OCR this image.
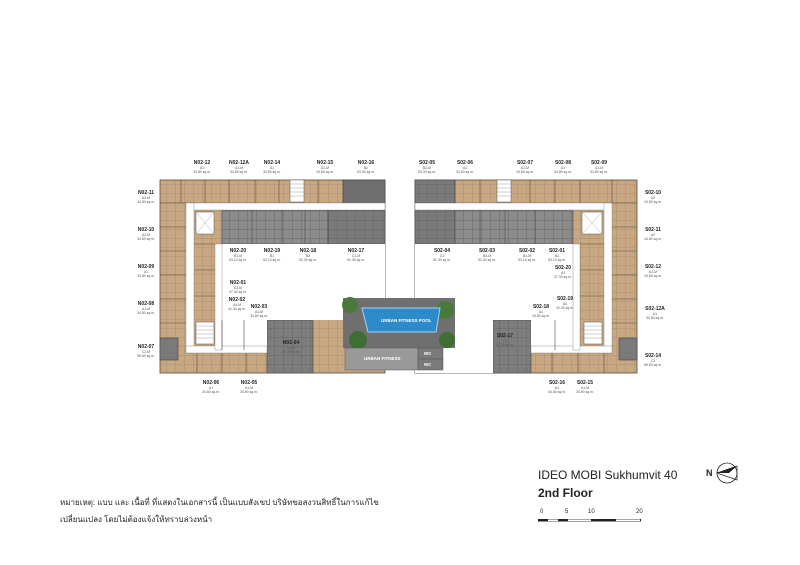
URBAN FITNESS POOL
URBAN FITNESS
WC
WC
N02-12
A1
34.80 sq.m.
N02-12A
A1-M
34.80 sq.m.
N02-14
A1
34.80 sq.m.
N02-15
A1-M
34.80 sq.m.
N02-16
B2
53.30 sq.m.
N02-11
A3-M
34.80 sq.m.
N02-10
A2-M
34.80 sq.m.
N02-09
A1
34.80 sq.m.
N02-08
A1-M
34.80 sq.m.
N02-07
C2-M
56.60 sq.m.
N02-20
B1-M
53.10 sq.m.
N02-19
B1
53.10 sq.m.
N02-18
B3
52.30 sq.m.
N02-17
C1-M
61.30 sq.m.
N02-01
A3-M
47.30 sq.m.
N02-02
A4-M
41.30 sq.m. N02-03
A1-M
34.80 sq.m.
N02-04
C1-M
67.30 sq.m.
N02-06
A1
34.80 sq.m.
N02-05
A1-M
34.80 sq.m.
S02-05
B2-M
53.30 sq.m.
S02-06
A1
34.80 sq.m.
S02-07
A1-M
34.80 sq.m.
S02-08
A1
34.80 sq.m.
S02-09
A1-M
34.80 sq.m.
S02-10
A3
34.80 sq.m.
S02-11
A2
34.80 sq.m.
S02-12
A1-M
34.80 sq.m.
S02-12A
A1
34.80 sq.m.
S02-14
C2
56.60 sq.m.
S02-04
C1
61.30 sq.m.
S02-03
B3-M
52.30 sq.m.
S02-02
B1-M
53.10 sq.m.
S02-01
B1
53.10 sq.m.
S02-20
A3
47.30 sq.m.
S02-19
A4
41.30 sq.m.
S02-18
A1
34.80 sq.m.
S02-17
C1
67.30 sq.m.
S02-16
A1
34.80 sq.m.
S02-15
A1-M
34.80 sq.m.
IDEO MOBI Sukhumvit 40
2nd Floor
N
หมายเหตุ: แบบ และ เนื้อที่ ที่แสดงในเอกสารนี้ เป็นแบบสังเขป บริษัทขอสงวนสิทธิ์ในการแก้ไข
เปลี่ยนแปลง โดยไม่ต้องแจ้งให้ทราบล่วงหน้า
0	5	10	20
